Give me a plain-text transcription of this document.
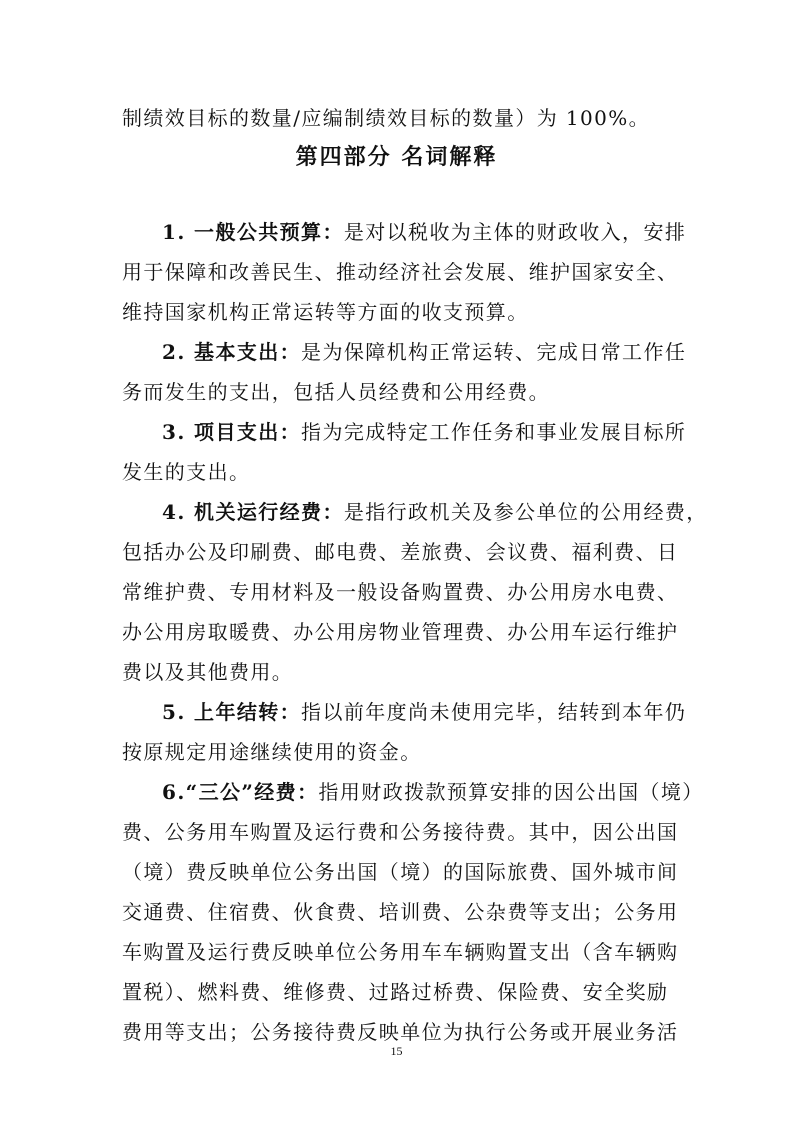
制绩效目标的数量/应编制绩效目标的数量）为 100%。
第四部分 名词解释
1. 一般公共预算：是对以税收为主体的财政收入，安排
用于保障和改善民生、推动经济社会发展、维护国家安全、
维持国家机构正常运转等方面的收支预算。
2. 基本支出：是为保障机构正常运转、完成日常工作任
务而发生的支出，包括人员经费和公用经费。
3. 项目支出：指为完成特定工作任务和事业发展目标所
发生的支出。
4. 机关运行经费：是指行政机关及参公单位的公用经费，
包括办公及印刷费、邮电费、差旅费、会议费、福利费、日
常维护费、专用材料及一般设备购置费、办公用房水电费、
办公用房取暖费、办公用房物业管理费、办公用车运行维护
费以及其他费用。
5. 上年结转：指以前年度尚未使用完毕，结转到本年仍
按原规定用途继续使用的资金。
6.“三公”经费：指用财政拨款预算安排的因公出国（境）
费、公务用车购置及运行费和公务接待费。其中，因公出国
（境）费反映单位公务出国（境）的国际旅费、国外城市间
交通费、住宿费、伙食费、培训费、公杂费等支出；公务用
车购置及运行费反映单位公务用车车辆购置支出（含车辆购
置税）、燃料费、维修费、过路过桥费、保险费、安全奖励
费用等支出；公务接待费反映单位为执行公务或开展业务活
15
